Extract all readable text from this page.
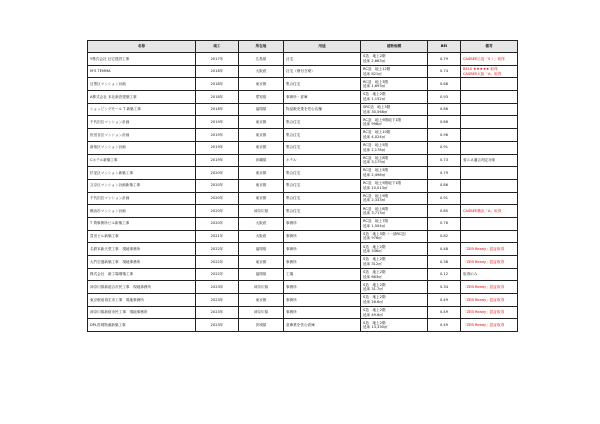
名称	竣工	所在地	用途	建物規模	BEI	備考
Y株式会社 社宅建設工事	2017年	広島県	社宅	S造　地上2階
延床 2,663㎡	0.79	CASBEE広島「S＋」取得

M'S TEMMA	2018年	大阪府	社宅（寮付き寮）	RC造　地上12階
延床 821㎡	0.74	BELS ★★★★★ 取得
CASBEE大阪「A」取得

目黒区マンション計画	2018年	東京都	集合住宅	RC造　地上3階
延床 1,693㎡	0.68	
A株式会社 本社新設建築工事	2018年	愛知県	事務所・倉庫	S造　地上2階
延床 1,152㎡	0.93	
ショッピングモール T 新築工事	2018年	福岡県	物品販売業を営む店舗	SRC造　地上5階
延床 30,568㎡	0.86	
千代田区マンション計画	2019年	東京都	集合住宅	RC造　地上9階地下1階
延床 998㎡	0.86	
世田谷区マンション計画	2019年	東京都	集合住宅	RC造　地上10階
延床 4,024㎡	0.96	
新宿区マンション計画	2019年	東京都	集合住宅	RC造　地上5階
延床 2,178㎡	0.91	
Cホテル新築工事	2019年	沖縄県	ホテル	RC造　地上8階
延床 3,179㎡	0.73	省エネ適合判定対象

杉並区マンション新築工事	2020年	東京都	集合住宅	RC造　地上5階
延床 2,498㎡	0.79	
文京区マンション計画新築工事	2020年	東京都	集合住宅	RC造　地上9階地下1階
延床 10,013㎡	0.86	
千代田区マンション計画	2020年	東京都	集合住宅	RC造　地上9階
延床 2,333㎡	0.91	
横浜市マンション計画	2020年	神奈川県	集合住宅	RC造　地上8階
延床 3,713㎡	0.85	CASBEE横浜「A」取得

T 貸事務所ビル新築工事	2020年	大阪府	事務所	RC造　地上7階
延床 1,504㎡	0.76	
豊田ビル新築工事	2021年	大阪府	事務所	S造　地上5階（一部RC造）
延床 976㎡	0.82	
名鉄本新天堂工事　現地事務所	2022年	福岡県	事務所	S造　地上2階
延床 336㎡	0.48	「ZEB Ready」認証取得

大竹空港新築工事　現地事務所	2022年	東京都	事務所	S造　地上2階
延床 312㎡	0.38	「ZEB Ready」認証取得

株式会社　新工場増築工事	2022年	福岡県	工場	S造　地上2階
延床 663㎡	0.12	取得のみ

神奈川県新総合市民工事　現地事務所	2023年	神奈川県	事務所	S造　地上2階
延床 31.7㎡	0.34	「ZEB Ready」認証取得

東京駅前再生市工事　現地事務所	2023年	東京都	事務所	S造　地上2階
延床 26.6㎡	0.49	「ZEB Ready」認証取得

神奈川県新宿市民工事　現地事務所	2023年	神奈川県	事務所	S造　地上2階
延床 49.6㎡	0.49	「ZEB Ready」認証取得

DPL茨城物流新築工事	2023年	茨城県	倉庫業を営む倉庫	S造　地上2階
延床 13,330㎡	0.49	「ZEB Ready」認証取得
